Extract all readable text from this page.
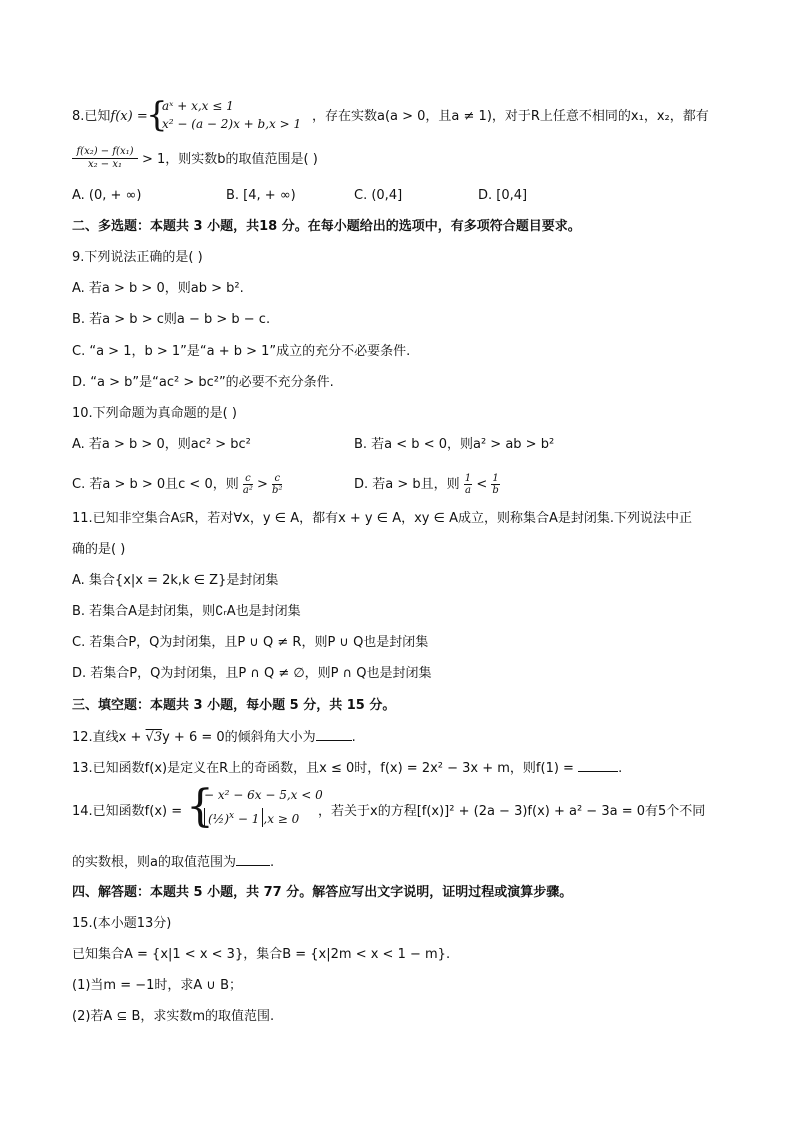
8.已知f(x) =
{
aˣ + x,x ≤ 1
x² − (a − 2)x + b,x > 1 ，存在实数a(a > 0，且a ≠ 1)，对于R上任意不相同的x₁，x₂，都有
$\frac{\text{f(x₂) − f(x₁)}}{\text{x₂ − x₁}} > 1$，则实数b的取值范围是( )
A. (0, + ∞)	B. [4, + ∞)	C. (0,4]	D. [0,4]
二、多选题：本题共 3 小题，共18 分。在每小题给出的选项中，有多项符合题目要求。
9.下列说法正确的是( )
A. 若a > b > 0，则ab > b².
B. 若a > b > c则a − b > b − c.
C. “a > 1，b > 1”是“a + b > 1”成立的充分不必要条件.
D. “a > b”是“ac² > bc²”的必要不充分条件.
10.下列命题为真命题的是( )
A. 若a > b > 0，则ac² > bc²	B. 若a < b < 0，则a² > ab > b²
C. 若a > b > 0且c < 0，则 $\frac{c}{\text{a²}} > \frac{c}{\text{b²}}$	D. 若a > b且，则 $\frac{1}{a} < \frac{1}{b}$
11.已知非空集合A⫋R，若对∀x，y ∈ A，都有x + y ∈ A，xy ∈ A成立，则称集合A是封闭集.下列说法中正
确的是( )
A. 集合{x|x = 2k,k ∈ Z}是封闭集
B. 若集合A是封闭集，则∁ᵣA也是封闭集
C. 若集合P，Q为封闭集，且P ∪ Q ≠ R，则P ∪ Q也是封闭集
D. 若集合P，Q为封闭集，且P ∩ Q ≠ ∅，则P ∩ Q也是封闭集
三、填空题：本题共 3 小题，每小题 5 分，共 15 分。
12.直线x + √3y + 6 = 0的倾斜角大小为	.
13.已知函数f(x)是定义在R上的奇函数，且x ≤ 0时，f(x) = 2x² − 3x + m，则f(1) =	.
14.已知函数f(x) = {
− x² − 6x − 5,x < 0
(½)$^x$ − 1 ,x ≥ 0 ，若关于x的方程[f(x)]² + (2a − 3)f(x) + a² − 3a = 0有5个不同
的实数根，则a的取值范围为	.
四、解答题：本题共 5 小题，共 77 分。解答应写出文字说明，证明过程或演算步骤。
15.(本小题13分)
已知集合A = {x|1 < x < 3}，集合B = {x|2m < x < 1 − m}.
(1)当m = −1时，求A ∪ B；
(2)若A ⊆ B，求实数m的取值范围.
